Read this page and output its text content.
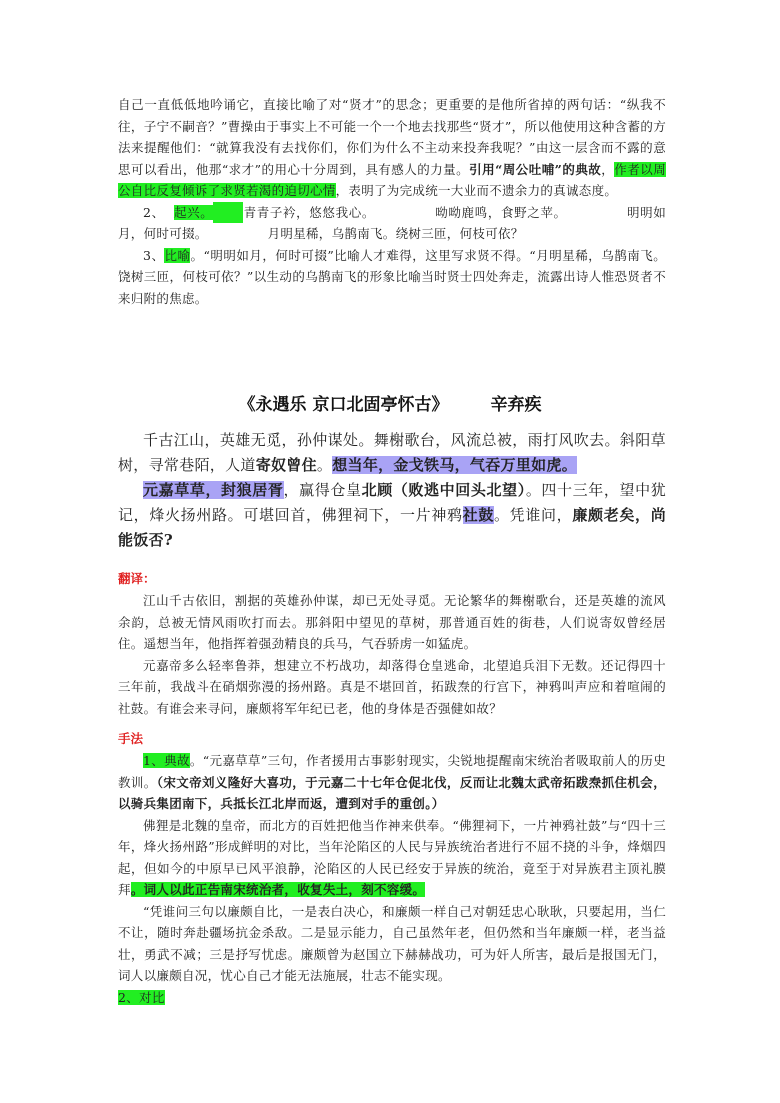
自己一直低低地吟诵它，直接比喻了对“贤才”的思念；更重要的是他所省掉的两句话：“纵我不往，子宁不嗣音？”曹操由于事实上不可能一个一个地去找那些“贤才”，所以他使用这种含蓄的方法来提醒他们：“就算我没有去找你们，你们为什么不主动来投奔我呢？”由这一层含而不露的意思可以看出，他那“求才”的用心十分周到，具有感人的力量。引用“周公吐哺”的典故，作者以周公自比反复倾诉了求贤若渴的迫切心情，表明了为完成统一大业而不遗余力的真诚态度。

2、 起兴。 青青子衿，悠悠我心。	呦呦鹿鸣，食野之苹。	明明如月，何时可掇。	月明星稀，乌鹊南飞。绕树三匝，何枝可依？

3、比喻。“明明如月，何时可掇”比喻人才难得，这里写求贤不得。“月明星稀，乌鹊南飞。饶树三匝，何枝可依？”以生动的乌鹊南飞的形象比喻当时贤士四处奔走，流露出诗人惟恐贤者不来归附的焦虑。

《永遇乐 京口北固亭怀古》 辛弃疾

千古江山，英雄无觅，孙仲谋处。舞榭歌台，风流总被，雨打风吹去。斜阳草树，寻常巷陌，人道寄奴曾住。想当年，金戈铁马，气吞万里如虎。

元嘉草草，封狼居胥，赢得仓皇北顾（败逃中回头北望）。四十三年，望中犹记，烽火扬州路。可堪回首，佛狸祠下，一片神鸦社鼓。凭谁问，廉颇老矣，尚能饭否?

翻译：

江山千古依旧，割据的英雄孙仲谋，却已无处寻觅。无论繁华的舞榭歌台，还是英雄的流风余韵，总被无情风雨吹打而去。那斜阳中望见的草树，那普通百姓的街巷，人们说寄奴曾经居住。遥想当年，他指挥着强劲精良的兵马，气吞骄虏一如猛虎。

元嘉帝多么轻率鲁莽，想建立不朽战功，却落得仓皇逃命，北望追兵泪下无数。还记得四十三年前，我战斗在硝烟弥漫的扬州路。真是不堪回首，拓跋焘的行宫下，神鸦叫声应和着喧闹的社鼓。有谁会来寻问，廉颇将军年纪已老，他的身体是否强健如故？

手法

1、典故。“元嘉草草”三句，作者援用古事影射现实，尖锐地提醒南宋统治者吸取前人的历史教训。（宋文帝刘义隆好大喜功，于元嘉二十七年仓促北伐，反而让北魏太武帝拓跋焘抓住机会，以骑兵集团南下，兵抵长江北岸而返，遭到对手的重创。）

佛狸是北魏的皇帝，而北方的百姓把他当作神来供奉。“佛狸祠下，一片神鸦社鼓”与“四十三年，烽火扬州路”形成鲜明的对比，当年沦陷区的人民与异族统治者进行不屈不挠的斗争，烽烟四起，但如今的中原早已风平浪静，沦陷区的人民已经安于异族的统治，竟至于对异族君主顶礼膜拜。词人以此正告南宋统治者，收复失土，刻不容缓。

“凭谁问三句以廉颇自比，一是表白决心，和廉颇一样自己对朝廷忠心耿耿，只要起用，当仁不让，随时奔赴疆场抗金杀敌。二是显示能力，自己虽然年老，但仍然和当年廉颇一样，老当益壮，勇武不减；三是抒写忧虑。廉颇曾为赵国立下赫赫战功，可为奸人所害，最后是报国无门，词人以廉颇自况，忧心自己才能无法施展，壮志不能实现。

2、对比
